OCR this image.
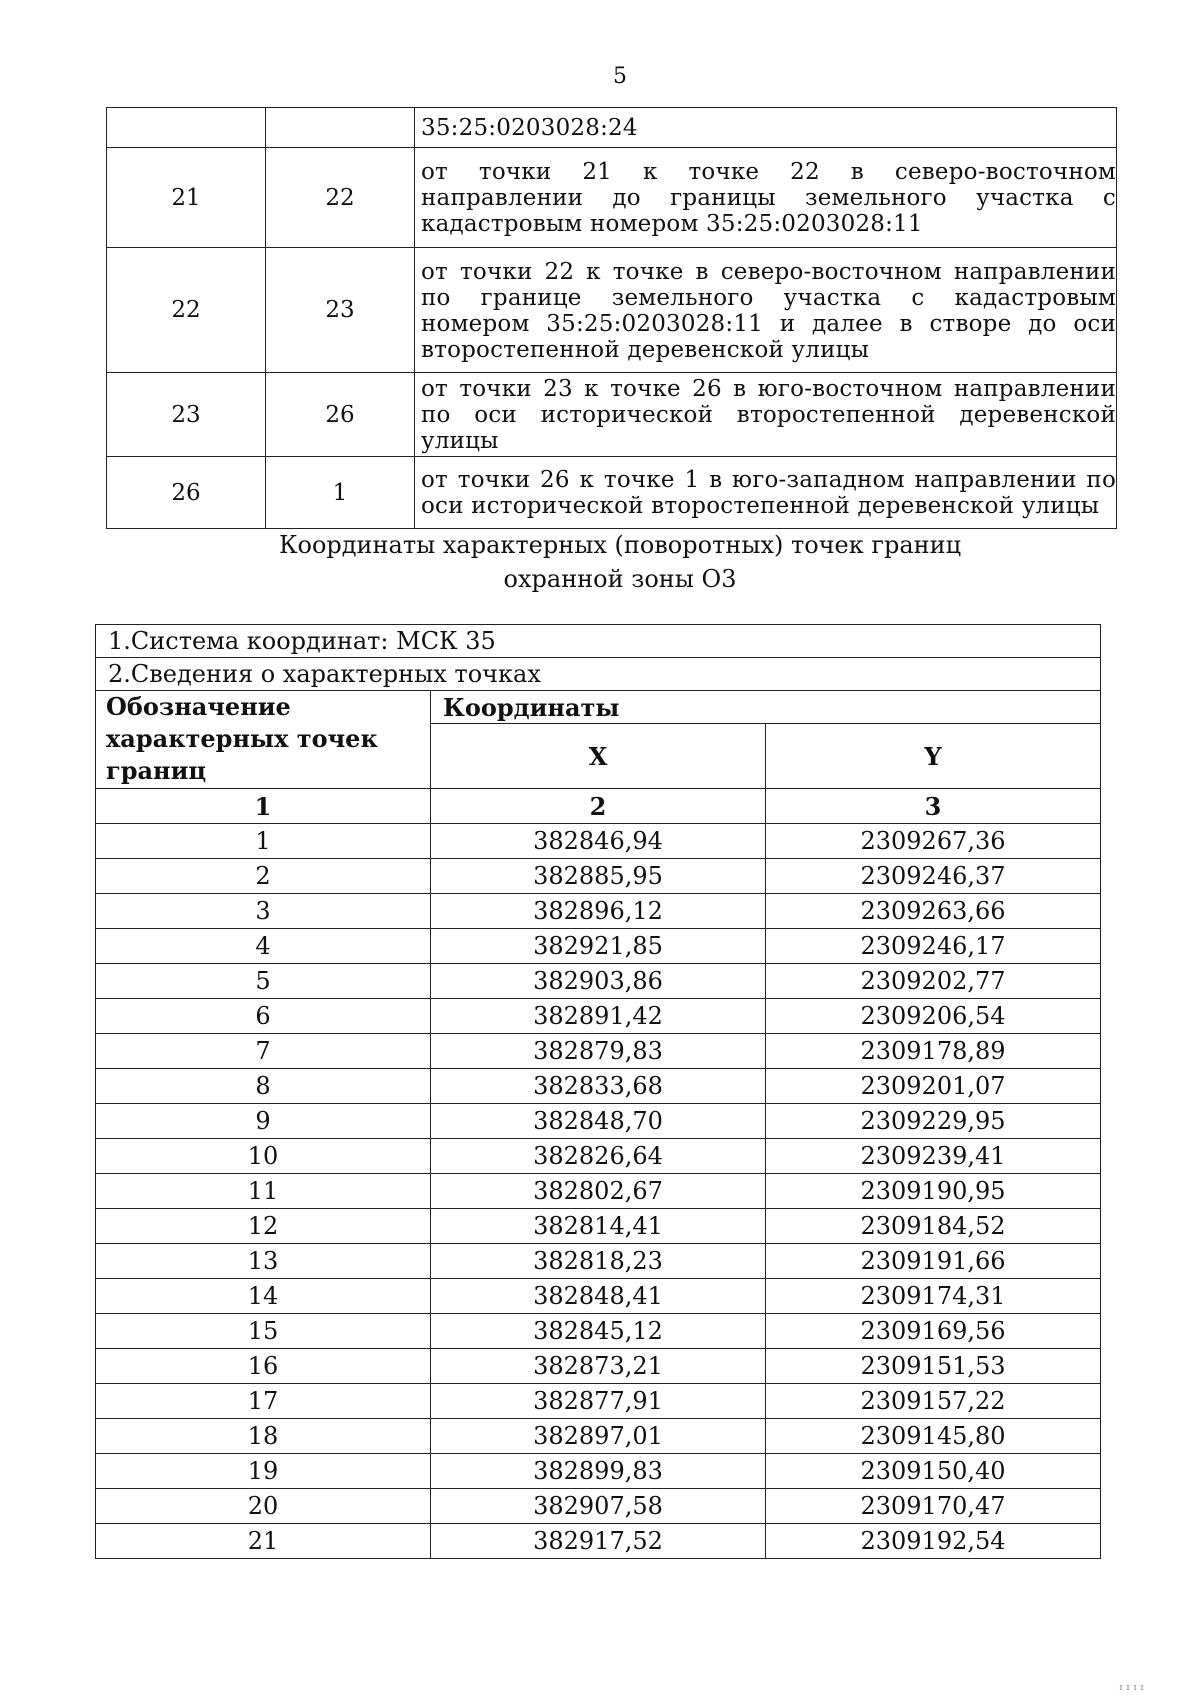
5
		35:25:0203028:24
21	22	от точки 21 к точке 22 в северо-восточном направлении до границы земельного участка с кадастровым номером 35:25:0203028:11
22	23	от точки 22 к точке в северо-восточном направлении по границе земельного участка с кадастровым номером 35:25:0203028:11 и далее в створе до оси второстепенной деревенской улицы
23	26	от точки 23 к точке 26 в юго-восточном направлении по оси исторической второстепенной деревенской улицы
26	1	от точки 26 к точке 1 в юго-западном направлении по оси исторической второстепенной деревенской улицы
Координаты характерных (поворотных) точек границ
охранной зоны О3
1.Система координат: МСК 35		
2.Сведения о характерных точках		
Обозначение характерных точек границ	Координаты	
	X	Y
1	2	3
1	382846,94	2309267,36
2	382885,95	2309246,37
3	382896,12	2309263,66
4	382921,85	2309246,17
5	382903,86	2309202,77
6	382891,42	2309206,54
7	382879,83	2309178,89
8	382833,68	2309201,07
9	382848,70	2309229,95
10	382826,64	2309239,41
11	382802,67	2309190,95
12	382814,41	2309184,52
13	382818,23	2309191,66
14	382848,41	2309174,31
15	382845,12	2309169,56
16	382873,21	2309151,53
17	382877,91	2309157,22
18	382897,01	2309145,80
19	382899,83	2309150,40
20	382907,58	2309170,47
21	382917,52	2309192,54
ᴵᴵᴵᴵ
